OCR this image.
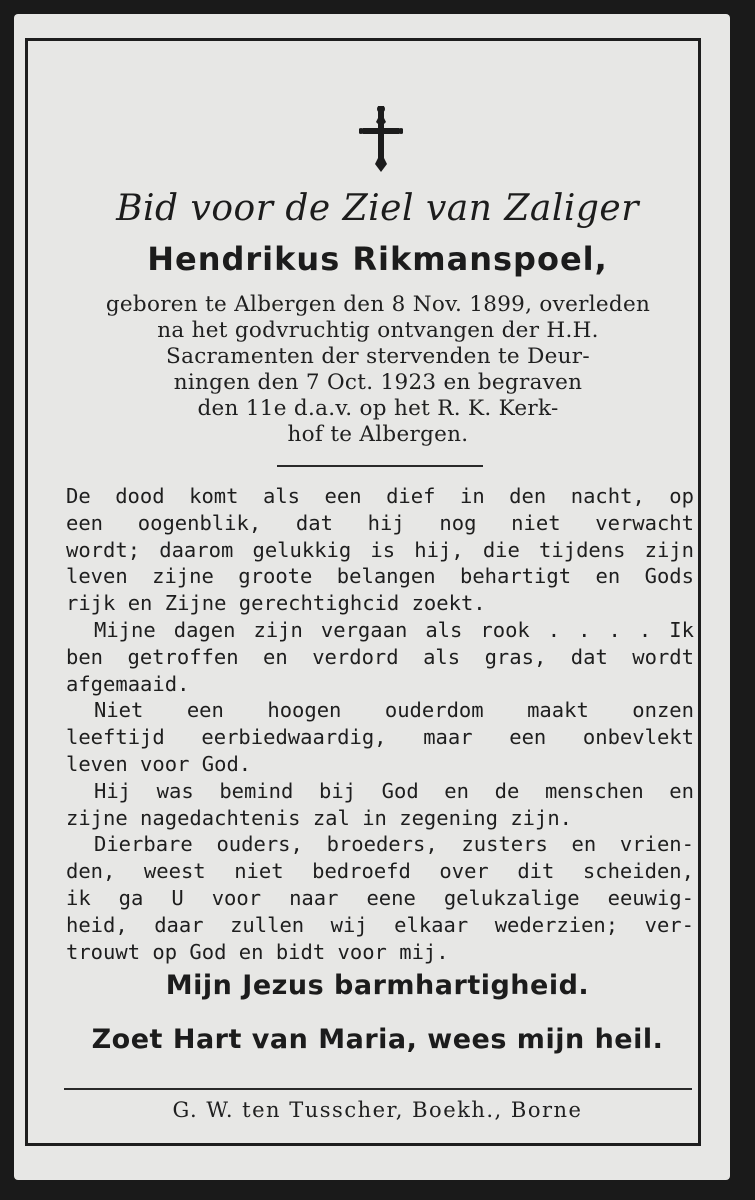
Bid voor de Ziel van Zaliger
Hendrikus Rikmanspoel,
geboren te Albergen den 8 Nov. 1899, overleden
na het godvruchtig ontvangen der H.H.
Sacramenten der stervenden te Deur-
ningen den 7 Oct. 1923 en begraven
den 11e d.a.v. op het R. K. Kerk-
hof te Albergen.
De dood komt als een dief in den nacht, op
een oogenblik, dat hij nog niet verwacht
wordt; daarom gelukkig is hij, die tijdens zijn
leven zijne groote belangen behartigt en Gods
rijk en Zijne gerechtighcid zoekt.
Mijne dagen zijn vergaan als rook . . . . Ik
ben getroffen en verdord als gras, dat wordt
afgemaaid.
Niet een hoogen ouderdom maakt onzen
leeftijd eerbiedwaardig, maar een onbevlekt
leven voor God.
Hij was bemind bij God en de menschen en
zijne nagedachtenis zal in zegening zijn.
Dierbare ouders, broeders, zusters en vrien-
den, weest niet bedroefd over dit scheiden,
ik ga U voor naar eene gelukzalige eeuwig-
heid, daar zullen wij elkaar wederzien; ver-
trouwt op God en bidt voor mij.
Mijn Jezus barmhartigheid.
Zoet Hart van Maria, wees mijn heil.
G. W. ten Tusscher, Boekh., Borne
